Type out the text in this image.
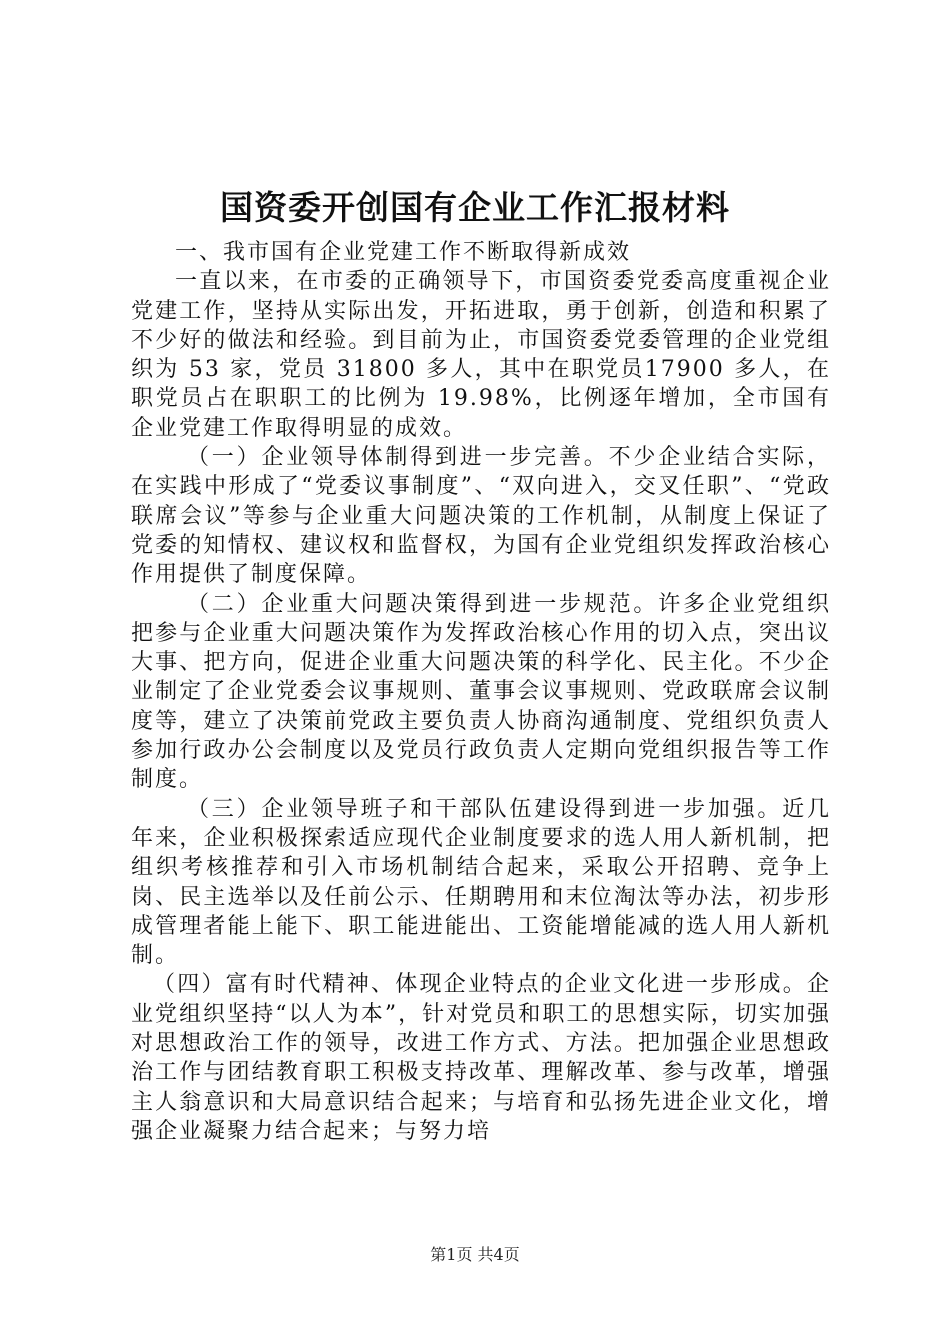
国资委开创国有企业工作汇报材料

一、我市国有企业党建工作不断取得新成效

一直以来，在市委的正确领导下，市国资委党委高度重视企业党建工作，坚持从实际出发，开拓进取，勇于创新，创造和积累了不少好的做法和经验。到目前为止，市国资委党委管理的企业党组织为 53 家，党员 31800 多人，其中在职党员17900 多人，在职党员占在职职工的比例为 19.98%，比例逐年增加，全市国有企业党建工作取得明显的成效。

（一）企业领导体制得到进一步完善。不少企业结合实际，在实践中形成了“党委议事制度”、“双向进入，交叉任职”、“党政联席会议”等参与企业重大问题决策的工作机制，从制度上保证了党委的知情权、建议权和监督权，为国有企业党组织发挥政治核心作用提供了制度保障。

（二）企业重大问题决策得到进一步规范。许多企业党组织把参与企业重大问题决策作为发挥政治核心作用的切入点，突出议大事、把方向，促进企业重大问题决策的科学化、民主化。不少企业制定了企业党委会议事规则、董事会议事规则、党政联席会议制度等，建立了决策前党政主要负责人协商沟通制度、党组织负责人参加行政办公会制度以及党员行政负责人定期向党组织报告等工作制度。

（三）企业领导班子和干部队伍建设得到进一步加强。近几年来，企业积极探索适应现代企业制度要求的选人用人新机制，把组织考核推荐和引入市场机制结合起来，采取公开招聘、竞争上岗、民主选举以及任前公示、任期聘用和末位淘汰等办法，初步形成管理者能上能下、职工能进能出、工资能增能减的选人用人新机制。

（四）富有时代精神、体现企业特点的企业文化进一步形成。企业党组织坚持“以人为本”，针对党员和职工的思想实际，切实加强对思想政治工作的领导，改进工作方式、方法。把加强企业思想政治工作与团结教育职工积极支持改革、理解改革、参与改革，增强主人翁意识和大局意识结合起来；与培育和弘扬先进企业文化，增强企业凝聚力结合起来；与努力培

第1页 共4页
